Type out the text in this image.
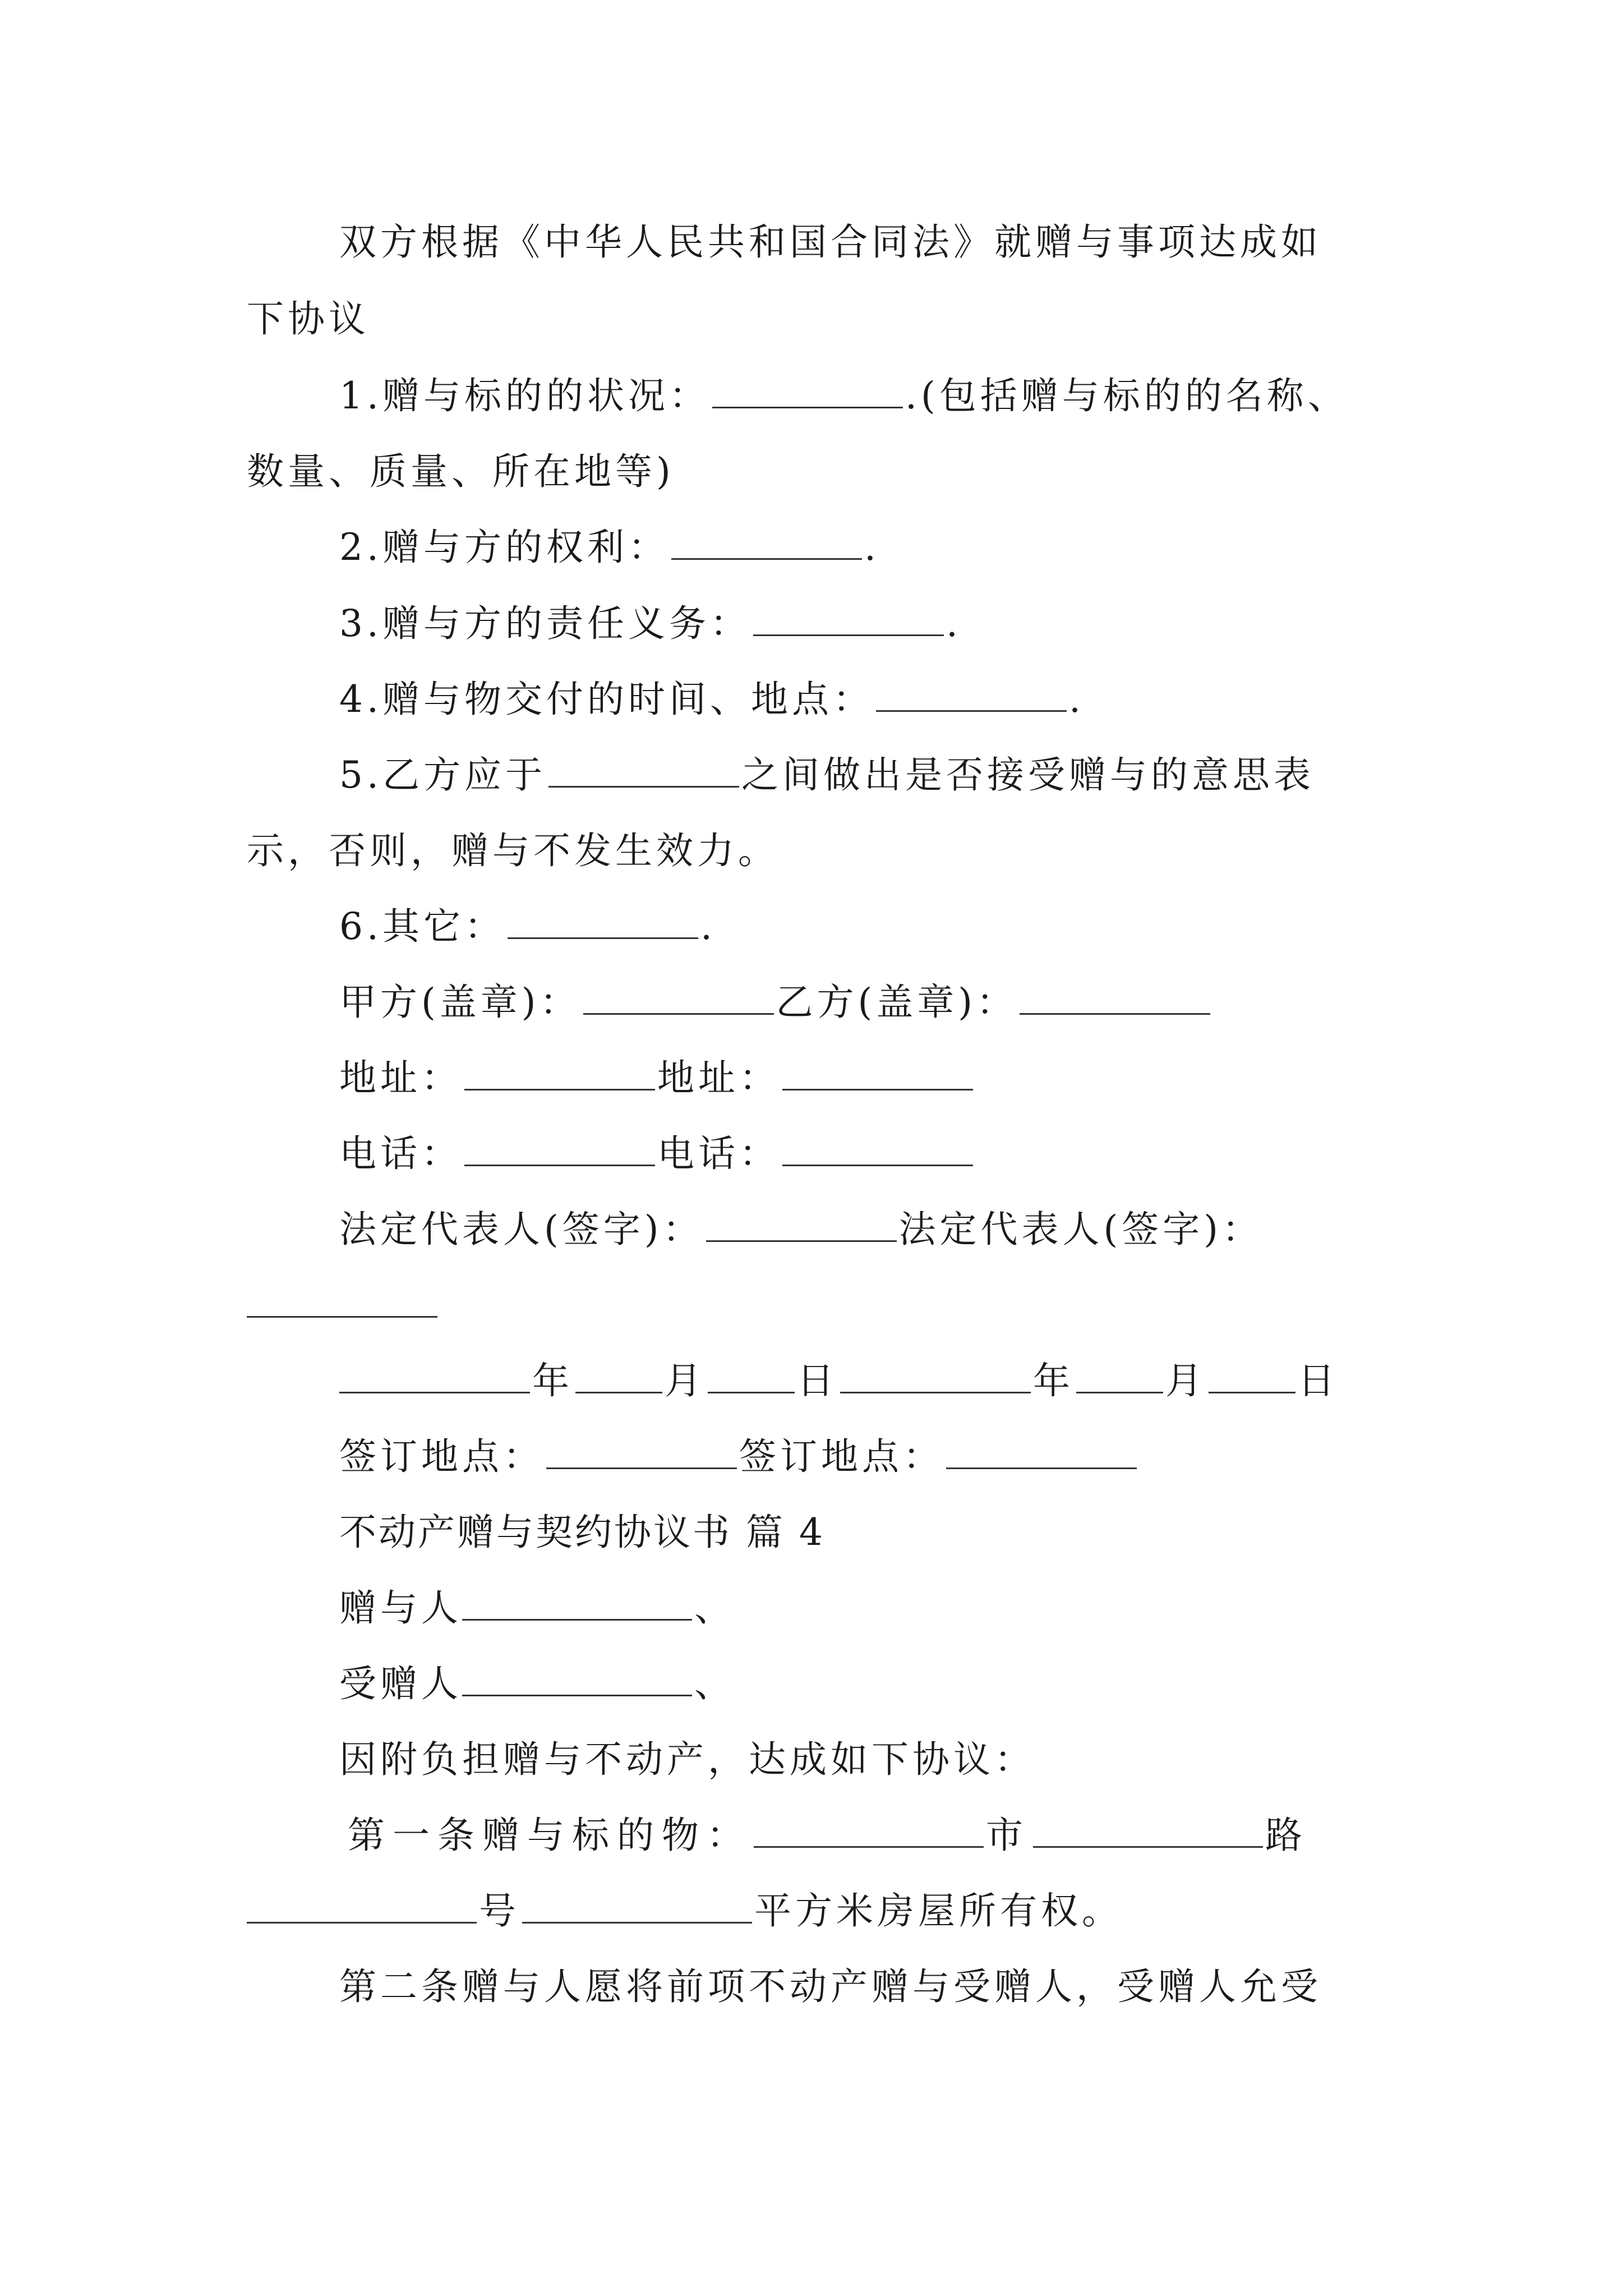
双方根据《中华人民共和国合同法》就赠与事项达成如
下协议
1.赠与标的的状况：	.(包括赠与标的的名称、
数量、质量、所在地等)
2.赠与方的权利：	.
3.赠与方的责任义务：	.
4.赠与物交付的时间、地点：	.
5.乙方应于	之间做出是否接受赠与的意思表
示，否则，赠与不发生效力。
6.其它：	.
甲方(盖章)：	乙方(盖章)：
地址：	地址：
电话：	电话：
法定代表人(签字)：	法定代表人(签字)：
年 月 日	年 月 日
签订地点：	签订地点：
不动产赠与契约协议书 篇 4
赠与人	、
受赠人	、
因附负担赠与不动产，达成如下协议：
第一条赠与标的物：	市	路
号	平方米房屋所有权。
第二条赠与人愿将前项不动产赠与受赠人，受赠人允受
